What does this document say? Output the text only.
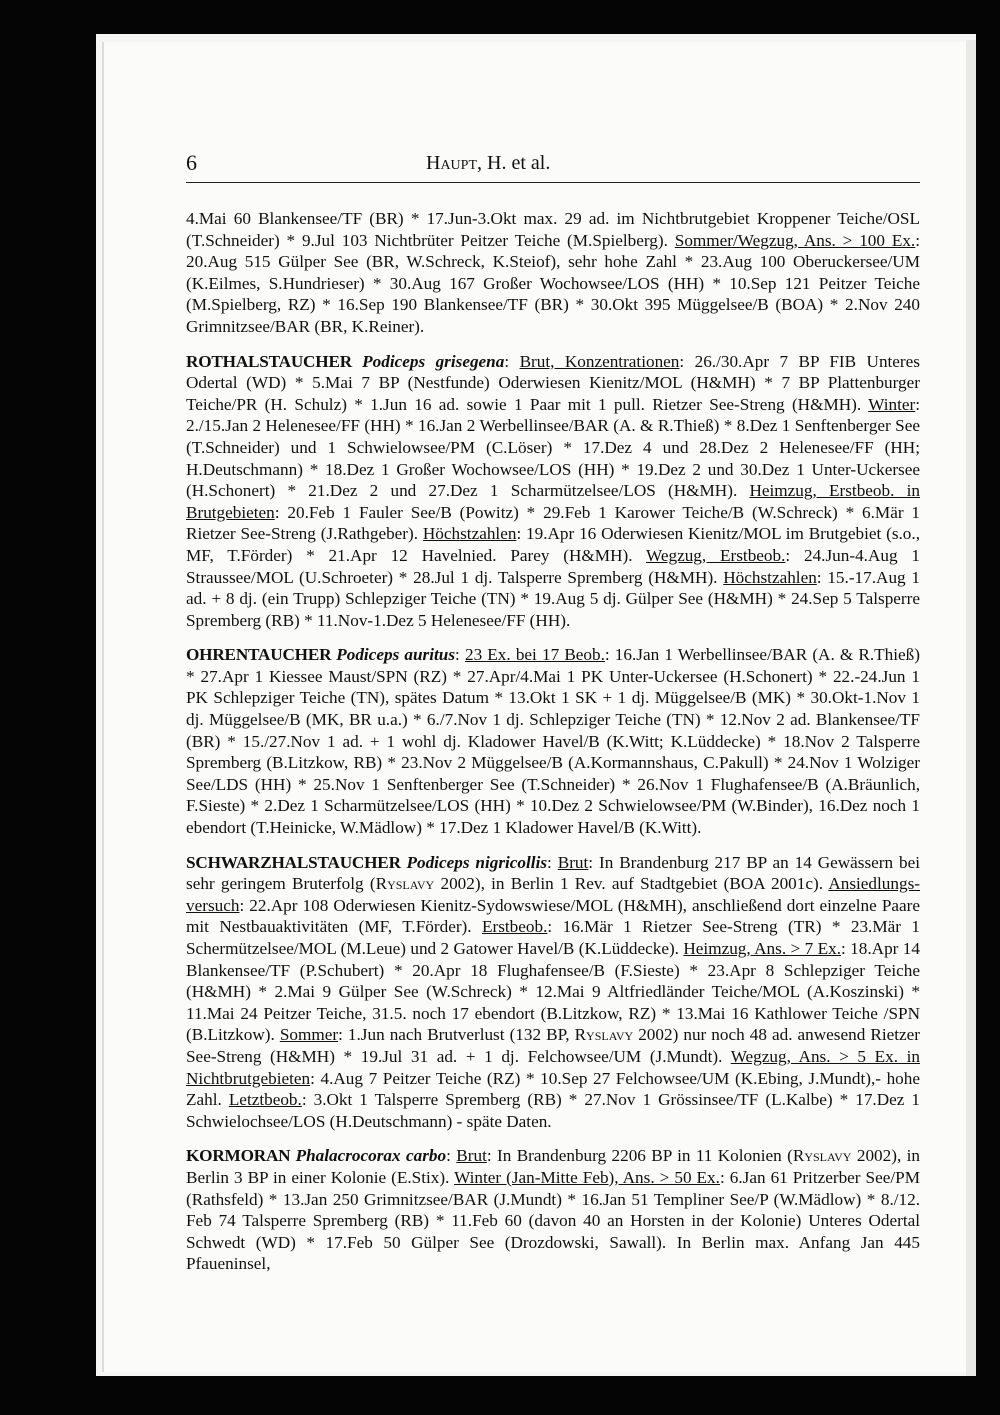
6	Haupt, H. et al.

4.Mai 60 Blankensee/TF (BR) * 17.Jun-3.Okt max. 29 ad. im Nichtbrutgebiet Kroppener Teiche/OSL (T.Schneider) * 9.Jul 103 Nichtbrüter Peitzer Teiche (M.Spielberg). Sommer/Wegzug, Ans. > 100 Ex.: 20.Aug 515 Gülper See (BR, W.Schreck, K.Steiof), sehr hohe Zahl * 23.Aug 100 Oberuckersee/UM (K.Eilmes, S.Hundrieser) * 30.Aug 167 Großer Wochowsee/LOS (HH) * 10.Sep 121 Peitzer Teiche (M.Spielberg, RZ) * 16.Sep 190 Blankensee/TF (BR) * 30.Okt 395 Müggelsee/B (BOA) * 2.Nov 240 Grimnitzsee/BAR (BR, K.Reiner).

ROTHALSTAUCHER Podiceps grisegena: Brut, Konzentrationen: 26./30.Apr 7 BP FIB Unteres Odertal (WD) * 5.Mai 7 BP (Nestfunde) Oderwiesen Kienitz/MOL (H&MH) * 7 BP Plattenburger Teiche/PR (H. Schulz) * 1.Jun 16 ad. sowie 1 Paar mit 1 pull. Rietzer See-Streng (H&MH). Winter: 2./15.Jan 2 Helenesee/FF (HH) * 16.Jan 2 Werbellinsee/BAR (A. & R.Thieß) * 8.Dez 1 Senftenberger See (T.Schneider) und 1 Schwielowsee/PM (C.Löser) * 17.Dez 4 und 28.Dez 2 Helenesee/FF (HH; H.Deutschmann) * 18.Dez 1 Großer Wochowsee/LOS (HH) * 19.Dez 2 und 30.Dez 1 Unter-Uckersee (H.Schonert) * 21.Dez 2 und 27.Dez 1 Scharmützelsee/LOS (H&MH). Heimzug, Erstbeob. in Brutgebieten: 20.Feb 1 Fauler See/B (Powitz) * 29.Feb 1 Karower Teiche/B (W.Schreck) * 6.Mär 1 Rietzer See-Streng (J.Rathgeber). Höchstzahlen: 19.Apr 16 Oderwiesen Kienitz/MOL im Brutgebiet (s.o., MF, T.Förder) * 21.Apr 12 Havelnied. Parey (H&MH). Wegzug, Erstbeob.: 24.Jun-4.Aug 1 Straussee/MOL (U.Schroeter) * 28.Jul 1 dj. Talsperre Spremberg (H&MH). Höchstzahlen: 15.-17.Aug 1 ad. + 8 dj. (ein Trupp) Schlepziger Teiche (TN) * 19.Aug 5 dj. Gülper See (H&MH) * 24.Sep 5 Talsperre Spremberg (RB) * 11.Nov-1.Dez 5 Helenesee/FF (HH).

OHRENTAUCHER Podiceps auritus: 23 Ex. bei 17 Beob.: 16.Jan 1 Werbellinsee/BAR (A. & R.Thieß) * 27.Apr 1 Kiessee Maust/SPN (RZ) * 27.Apr/4.Mai 1 PK Unter-Uckersee (H.Schonert) * 22.-24.Jun 1 PK Schlepziger Teiche (TN), spätes Datum * 13.Okt 1 SK + 1 dj. Müggelsee/B (MK) * 30.Okt-1.Nov 1 dj. Müggelsee/B (MK, BR u.a.) * 6./7.Nov 1 dj. Schlepziger Teiche (TN) * 12.Nov 2 ad. Blankensee/TF (BR) * 15./27.Nov 1 ad. + 1 wohl dj. Kladower Havel/B (K.Witt; K.Lüddecke) * 18.Nov 2 Talsperre Spremberg (B.Litzkow, RB) * 23.Nov 2 Müggelsee/B (A.Kormannshaus, C.Pakull) * 24.Nov 1 Wolziger See/LDS (HH) * 25.Nov 1 Senftenberger See (T.Schneider) * 26.Nov 1 Flughafensee/B (A.Bräunlich, F.Sieste) * 2.Dez 1 Scharmützelsee/LOS (HH) * 10.Dez 2 Schwielowsee/PM (W.Binder), 16.Dez noch 1 ebendort (T.Heinicke, W.Mädlow) * 17.Dez 1 Kladower Havel/B (K.Witt).

SCHWARZHALSTAUCHER Podiceps nigricollis: Brut: In Brandenburg 217 BP an 14 Gewässern bei sehr geringem Bruterfolg (Ryslavy 2002), in Berlin 1 Rev. auf Stadtgebiet (BOA 2001c). Ansiedlungsversuch: 22.Apr 108 Oderwiesen Kienitz-Sydowswiese/MOL (H&MH), anschließend dort einzelne Paare mit Nestbauaktivitäten (MF, T.Förder). Erstbeob.: 16.Mär 1 Rietzer See-Streng (TR) * 23.Mär 1 Schermützelsee/MOL (M.Leue) und 2 Gatower Havel/B (K.Lüddecke). Heimzug, Ans. > 7 Ex.: 18.Apr 14 Blankensee/TF (P.Schubert) * 20.Apr 18 Flughafensee/B (F.Sieste) * 23.Apr 8 Schlepziger Teiche (H&MH) * 2.Mai 9 Gülper See (W.Schreck) * 12.Mai 9 Altfriedländer Teiche/MOL (A.Koszinski) * 11.Mai 24 Peitzer Teiche, 31.5. noch 17 ebendort (B.Litzkow, RZ) * 13.Mai 16 Kathlower Teiche /SPN (B.Litzkow). Sommer: 1.Jun nach Brutverlust (132 BP, Ryslavy 2002) nur noch 48 ad. anwesend Rietzer See-Streng (H&MH) * 19.Jul 31 ad. + 1 dj. Felchowsee/UM (J.Mundt). Wegzug, Ans. > 5 Ex. in Nichtbrutgebieten: 4.Aug 7 Peitzer Teiche (RZ) * 10.Sep 27 Felchowsee/UM (K.Ebing, J.Mundt),- hohe Zahl. Letztbeob.: 3.Okt 1 Talsperre Spremberg (RB) * 27.Nov 1 Grössinsee/TF (L.Kalbe) * 17.Dez 1 Schwielochsee/LOS (H.Deutschmann) - späte Daten.

KORMORAN Phalacrocorax carbo: Brut: In Brandenburg 2206 BP in 11 Kolonien (Ryslavy 2002), in Berlin 3 BP in einer Kolonie (E.Stix). Winter (Jan-Mitte Feb), Ans. > 50 Ex.: 6.Jan 61 Pritzerber See/PM (Rathsfeld) * 13.Jan 250 Grimnitzsee/BAR (J.Mundt) * 16.Jan 51 Templiner See/P (W.Mädlow) * 8./12. Feb 74 Talsperre Spremberg (RB) * 11.Feb 60 (davon 40 an Horsten in der Kolonie) Unteres Odertal Schwedt (WD) * 17.Feb 50 Gülper See (Drozdowski, Sawall). In Berlin max. Anfang Jan 445 Pfaueninsel,
